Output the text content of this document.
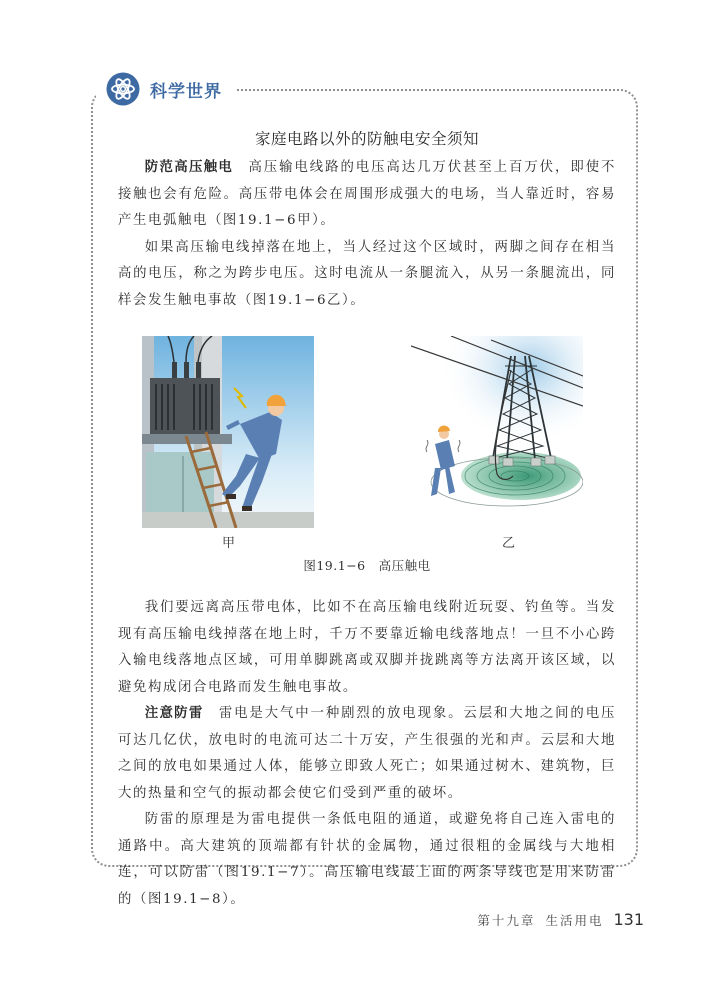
科学世界
家庭电路以外的防触电安全须知

防范高压触电　 高压输电线路的电压高达几万伏甚至上百万伏，即使不接触也会有危险。高压带电体会在周围形成强大的电场，当人靠近时，容易产生电弧触电（图19.1−6甲）。

如果高压输电线掉落在地上，当人经过这个区域时，两脚之间存在相当高的电压，称之为跨步电压。这时电流从一条腿流入，从另一条腿流出，同样会发生触电事故（图19.1−6乙）。

甲	乙
图19.1−6　高压触电

我们要远离高压带电体，比如不在高压输电线附近玩耍、钓鱼等。当发现有高压输电线掉落在地上时，千万不要靠近输电线落地点！一旦不小心跨入输电线落地点区域，可用单脚跳离或双脚并拢跳离等方法离开该区域，以避免构成闭合电路而发生触电事故。

注意防雷　 雷电是大气中一种剧烈的放电现象。云层和大地之间的电压可达几亿伏，放电时的电流可达二十万安，产生很强的光和声。云层和大地之间的放电如果通过人体，能够立即致人死亡；如果通过树木、建筑物，巨大的热量和空气的振动都会使它们受到严重的破坏。

防雷的原理是为雷电提供一条低电阻的通道，或避免将自己连入雷电的通路中。高大建筑的顶端都有针状的金属物，通过很粗的金属线与大地相连，可以防雷（图19.1−7）。高压输电线最上面的两条导线也是用来防雷的（图19.1−8）。

第十九章 生活用电 131
